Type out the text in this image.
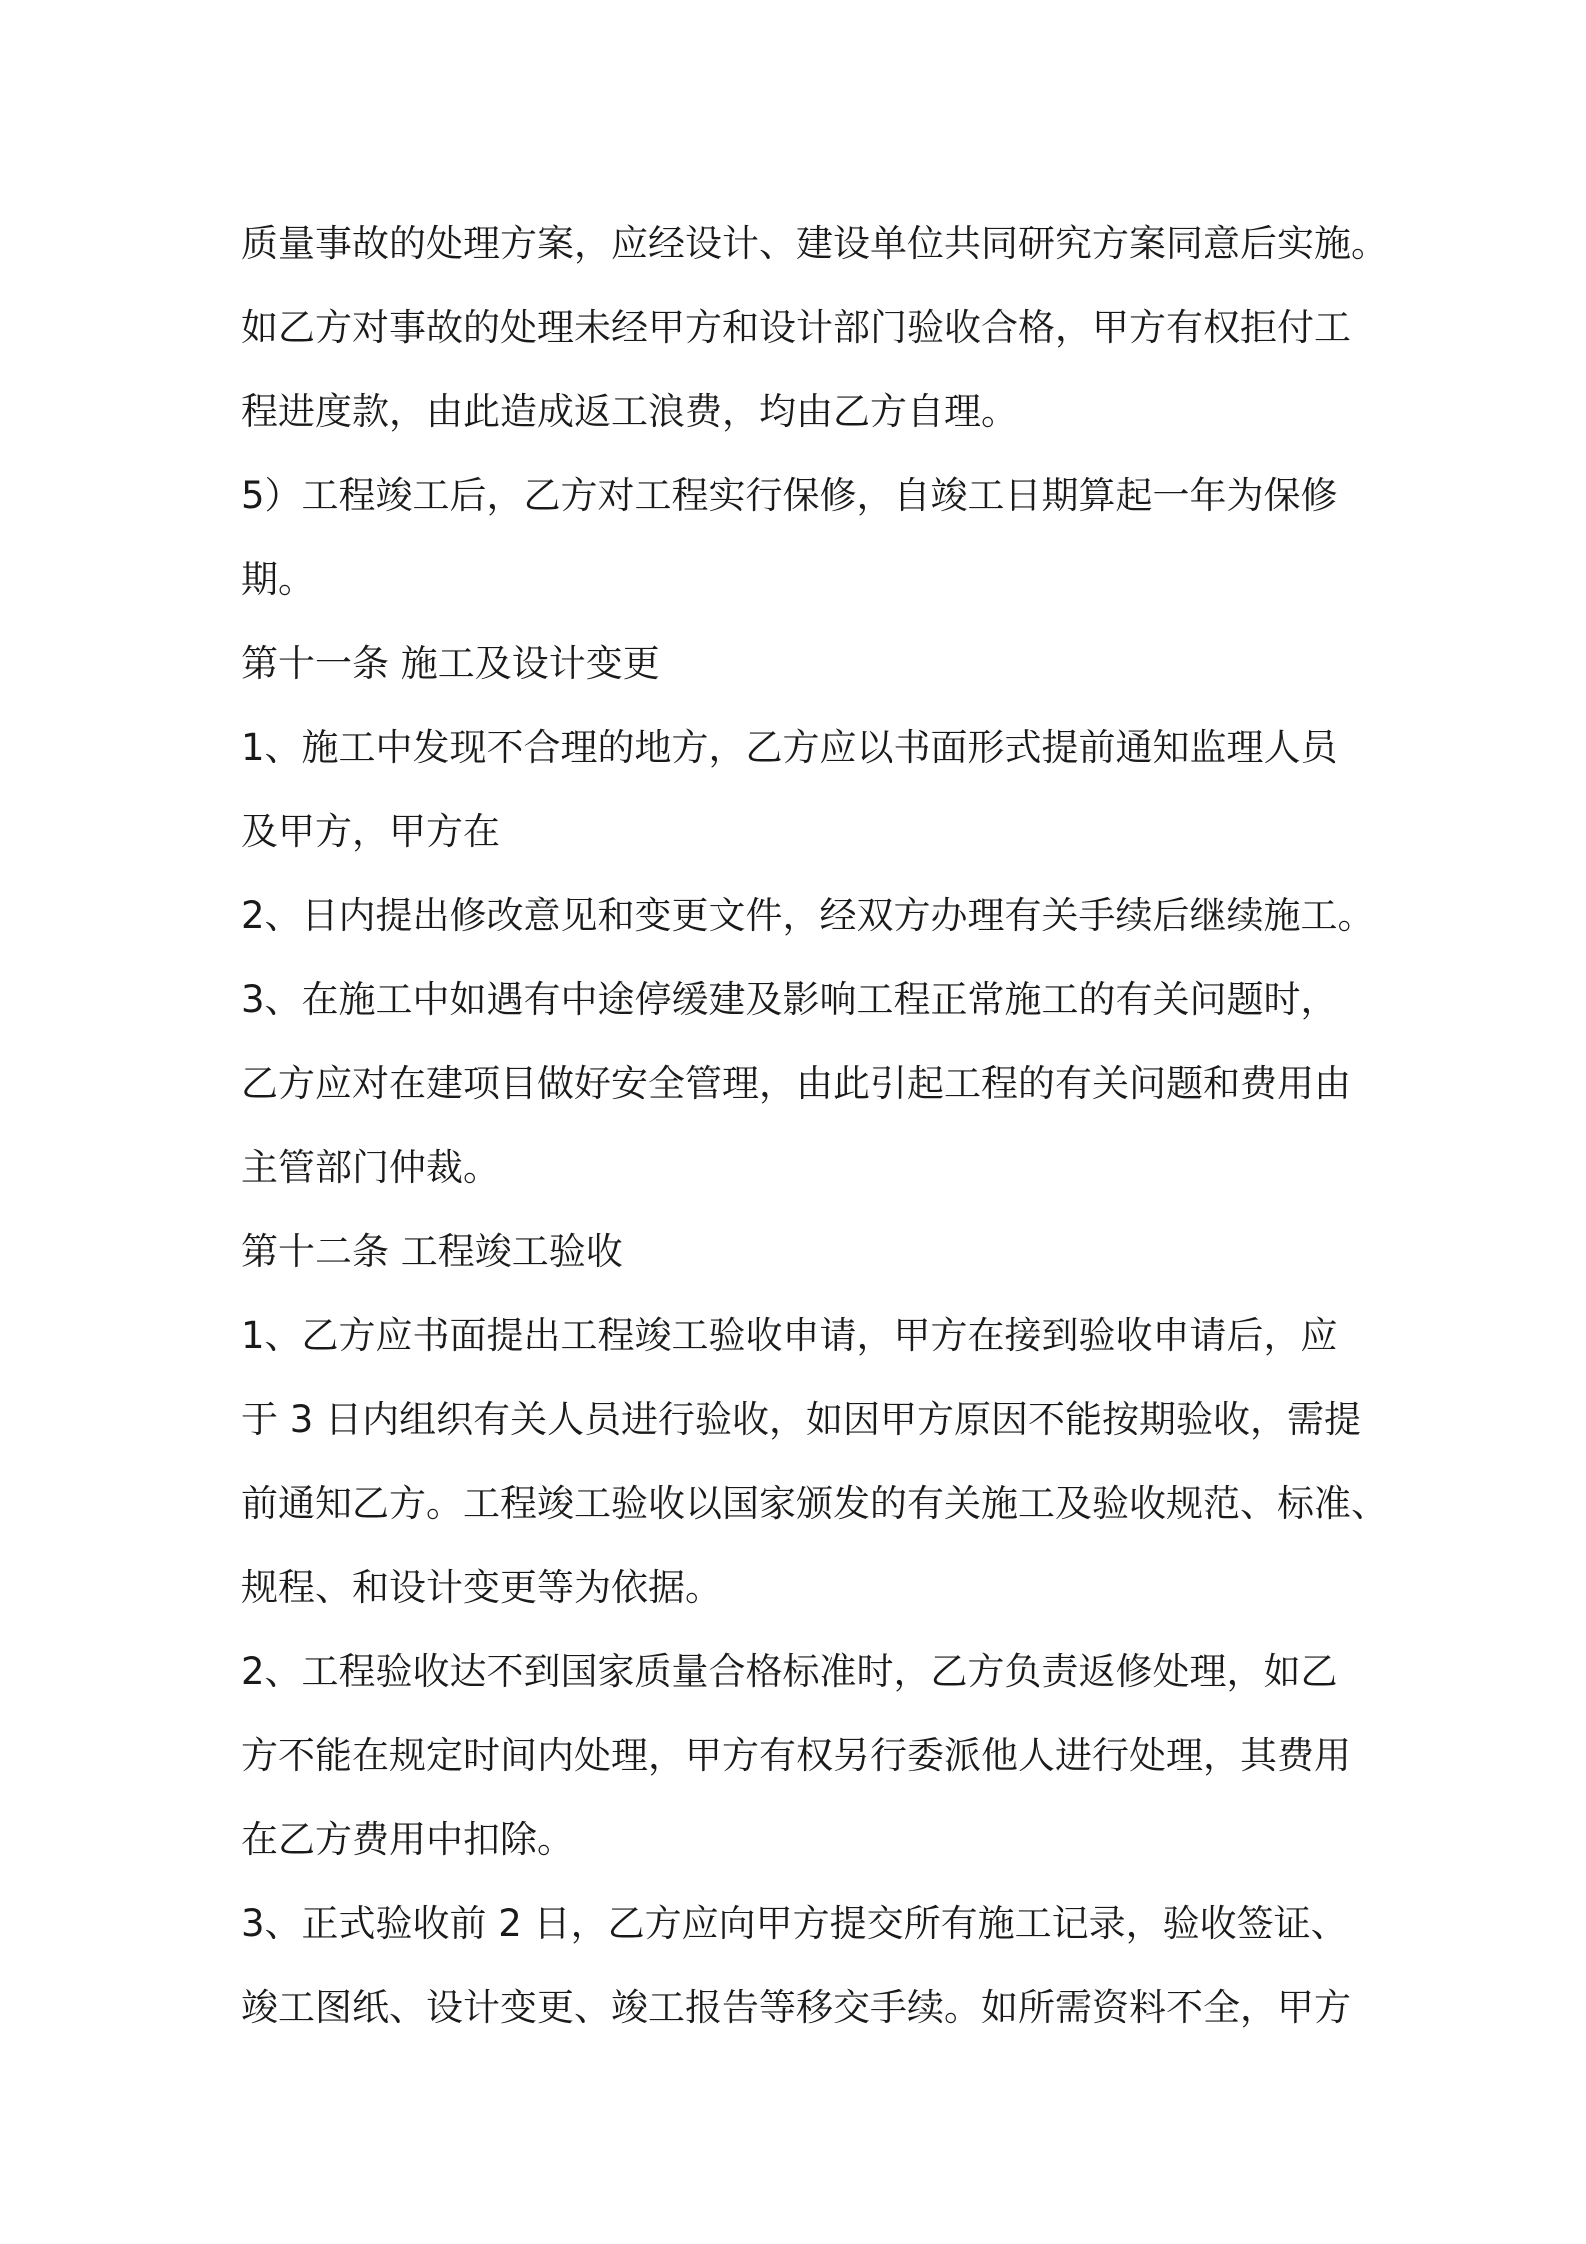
质量事故的处理方案，应经设计、建设单位共同研究方案同意后实施。
如乙方对事故的处理未经甲方和设计部门验收合格，甲方有权拒付工
程进度款，由此造成返工浪费，均由乙方自理。
5）工程竣工后，乙方对工程实行保修，自竣工日期算起一年为保修
期。
第十一条 施工及设计变更
1、施工中发现不合理的地方，乙方应以书面形式提前通知监理人员
及甲方，甲方在
2、日内提出修改意见和变更文件，经双方办理有关手续后继续施工。
3、在施工中如遇有中途停缓建及影响工程正常施工的有关问题时，
乙方应对在建项目做好安全管理，由此引起工程的有关问题和费用由
主管部门仲裁。
第十二条 工程竣工验收
1、乙方应书面提出工程竣工验收申请，甲方在接到验收申请后，应
于 3 日内组织有关人员进行验收，如因甲方原因不能按期验收，需提
前通知乙方。工程竣工验收以国家颁发的有关施工及验收规范、标准、
规程、和设计变更等为依据。
2、工程验收达不到国家质量合格标准时，乙方负责返修处理，如乙
方不能在规定时间内处理，甲方有权另行委派他人进行处理，其费用
在乙方费用中扣除。
3、正式验收前 2 日，乙方应向甲方提交所有施工记录，验收签证、
竣工图纸、设计变更、竣工报告等移交手续。如所需资料不全，甲方
